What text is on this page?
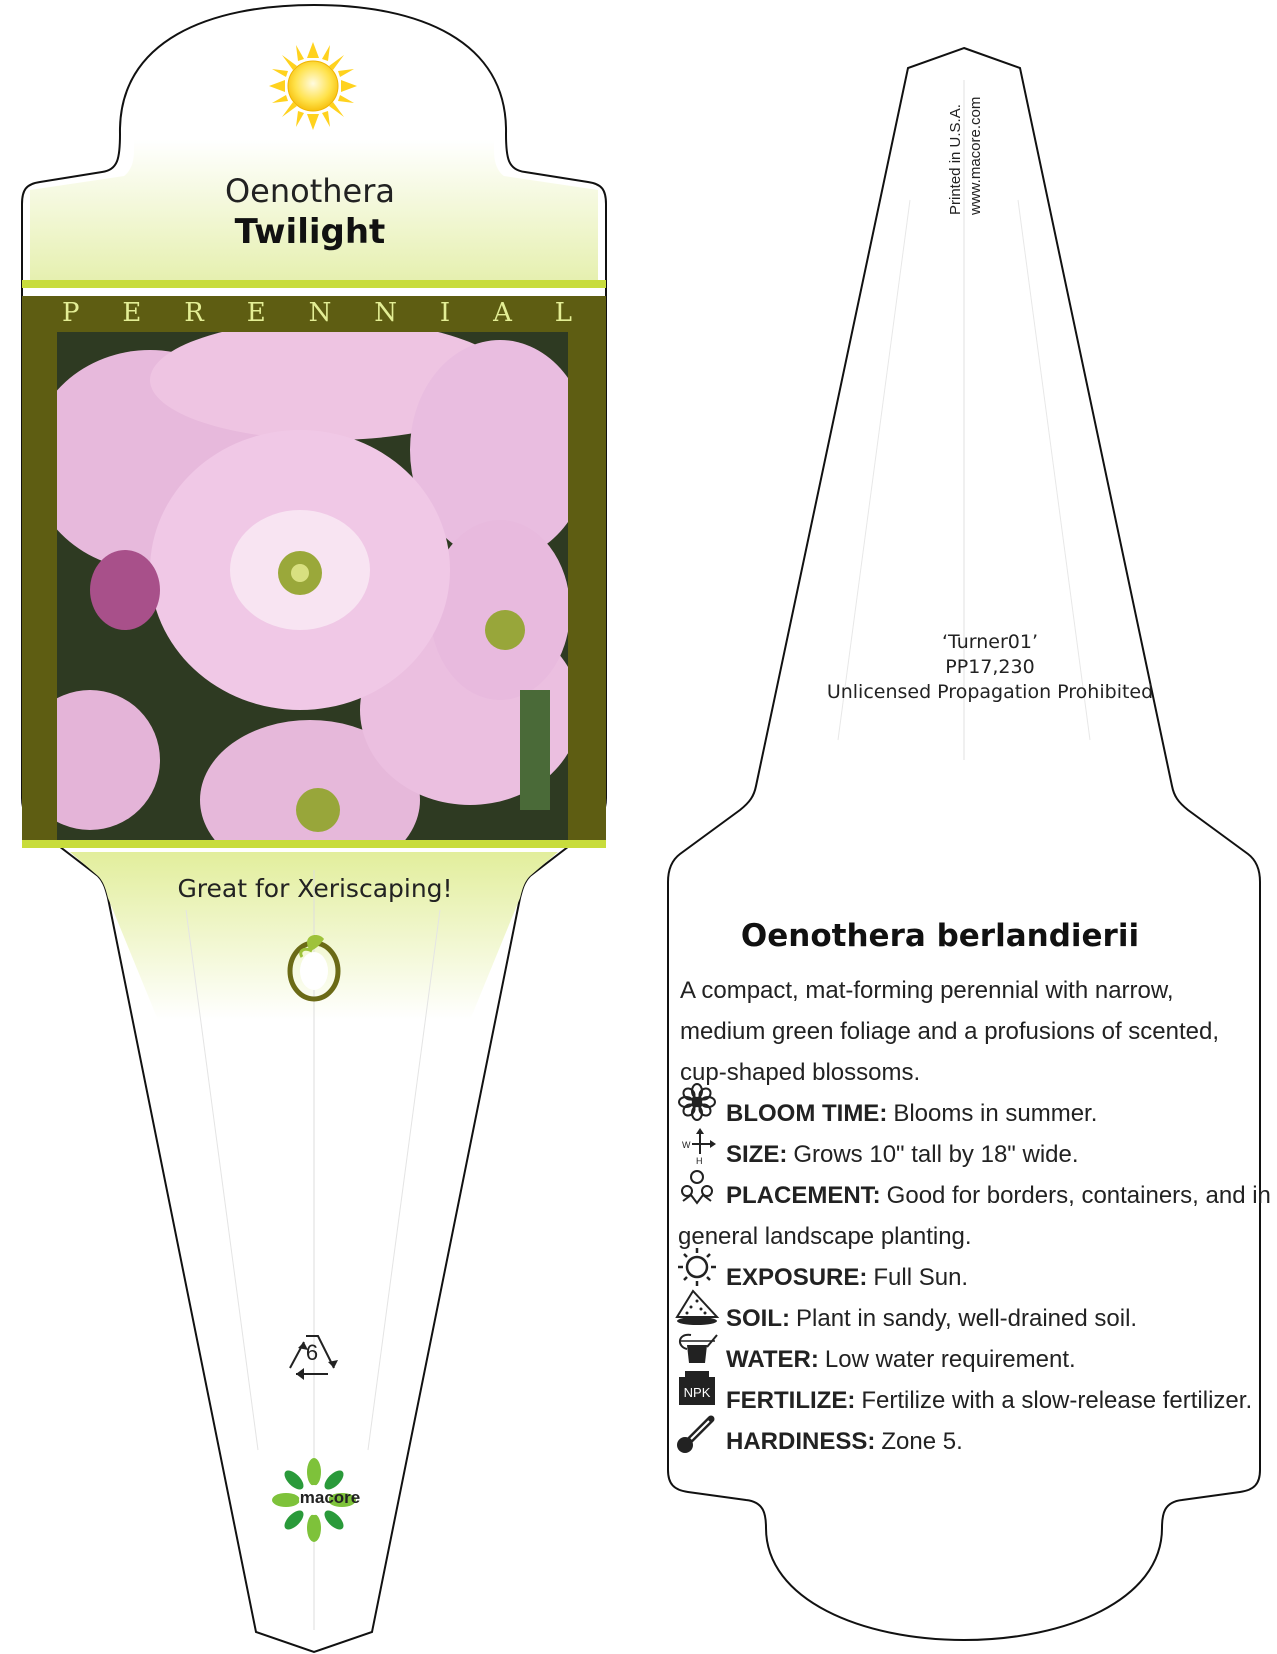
W
H
NPK
Oenothera
Twilight
P E R E N N I A L
Great for Xeriscaping!
6
macore
Printed in U.S.A. www.macore.com
‘Turner01’
PP17,230
Unlicensed Propagation Prohibited
Oenothera berlandierii
A compact, mat-forming perennial with narrow,
medium green foliage and a profusions of scented,
cup-shaped blossoms.
BLOOM TIME: Blooms in summer.
SIZE: Grows 10" tall by 18" wide.
PLACEMENT: Good for borders, containers, and in
general landscape planting.
EXPOSURE: Full Sun.
SOIL: Plant in sandy, well-drained soil.
WATER: Low water requirement.
FERTILIZE: Fertilize with a slow-release fertilizer.
HARDINESS: Zone 5.
